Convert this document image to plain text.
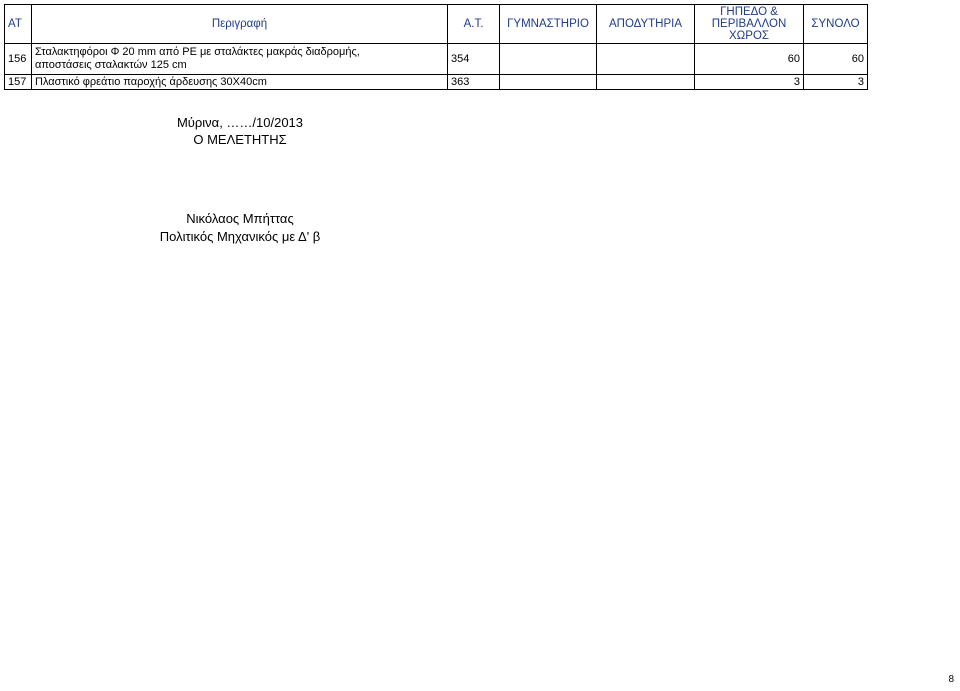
ΑΤ	Περιγραφή	Α.Τ.	ΓΥΜΝΑΣΤΗΡΙΟ	ΑΠΟΔΥΤΗΡΙΑ	ΓΗΠΕΔΟ & ΠΕΡΙΒΑΛΛΟΝ ΧΩΡΟΣ	ΣΥΝΟΛΟ
156	Σταλακτηφόροι Φ 20 mm από PE με σταλάκτες μακράς διαδρομής,
αποστάσεις σταλακτών 125 cm	354			60	60
157	Πλαστικό φρεάτιο παροχής άρδευσης 30Χ40cm	363			3	3
Μύρινα, ……/10/2013
Ο ΜΕΛΕΤΗΤΗΣ
Νικόλαος Μπήττας
Πολιτικός Μηχανικός με Δ' β
8
